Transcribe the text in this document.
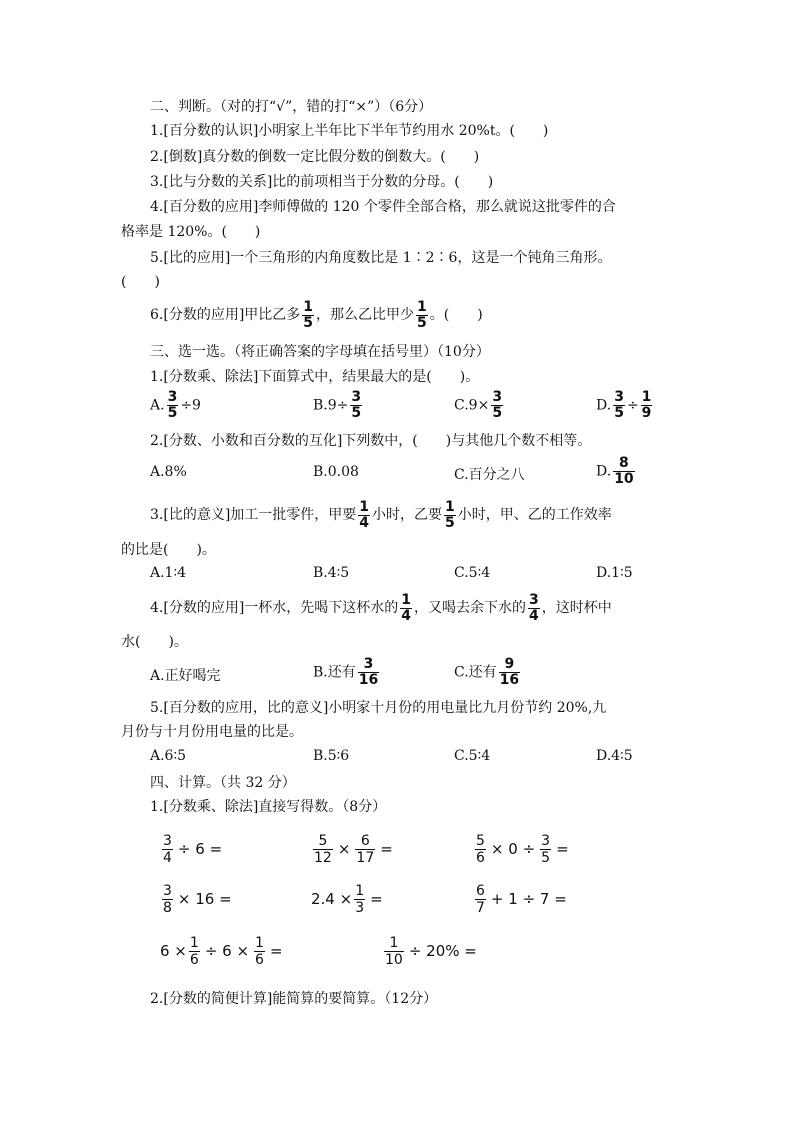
二、判断。（对的打“√”，错的打“×”）（6分）
1.[百分数的认识]小明家上半年比下半年节约用水 20%t。(　　)
2.[倒数]真分数的倒数一定比假分数的倒数大。(　　)
3.[比与分数的关系]比的前项相当于分数的分母。(　　)
4.[百分数的应用]李师傅做的 120 个零件全部合格，那么就说这批零件的合
格率是 120%。(　　)
5.[比的应用]一个三角形的内角度数比是 1∶2∶6，这是一个钝角三角形。
(　　)
6.[分数的应用]甲比乙多 $\frac{1}{5}$ ，那么乙比甲少 $\frac{1}{5}$ 。(　　)
三、选一选。（将正确答案的字母填在括号里）（10分）
1.[分数乘、除法]下面算式中，结果最大的是(　　)。
A. $\frac{3}{5} \div 9$	$B.9\div \frac{3}{5}$	$C.9\times \frac{3}{5}$	D. $\frac{3}{5} \div \frac{1}{9}$
2.[分数、小数和百分数的互化]下列数中，(　　)与其他几个数不相等。
A.8%	B.0.08	C.百分之八	D. $\frac{8}{10}$
3.[比的意义]加工一批零件，甲要 $\frac{1}{4}$ 小时，乙要 $\frac{1}{5}$ 小时，甲、乙的工作效率
的比是(　　)。
A.1∶4	B.4∶5	C.5∶4	D.1∶5
4.[分数的应用]一杯水，先喝下这杯水的 $\frac{1}{4}$ ，又喝去余下水的 $\frac{3}{4}$ ，这时杯中
水(　　)。
A.正好喝完	B.还有 $\frac{3}{16}$	C.还有 $\frac{9}{16}$
5.[百分数的应用，比的意义]小明家十月份的用电量比九月份节约 20%,九
月份与十月份用电量的比是。
A.6∶5	B.5∶6	C.5∶4	D.4∶5
四、计算。（共 32 分）
1.[分数乘、除法]直接写得数。（8分）
$\frac{3}{4} \div 6$ =	$\frac{5}{12} \times \frac{6}{17}$ =	$\frac{5}{6} \times 0 \div \frac{3}{5}$ =
$\frac{3}{8} \times 16$ =	$2.4 \times \frac{1}{3}$ =	$\frac{6}{7} + 1 \div 7$ =
$6 \times \frac{1}{6} \div 6 \times \frac{1}{6}$ =	$\frac{1}{10} \div 20\%$ =
2.[分数的简便计算]能简算的要简算。（12分）
